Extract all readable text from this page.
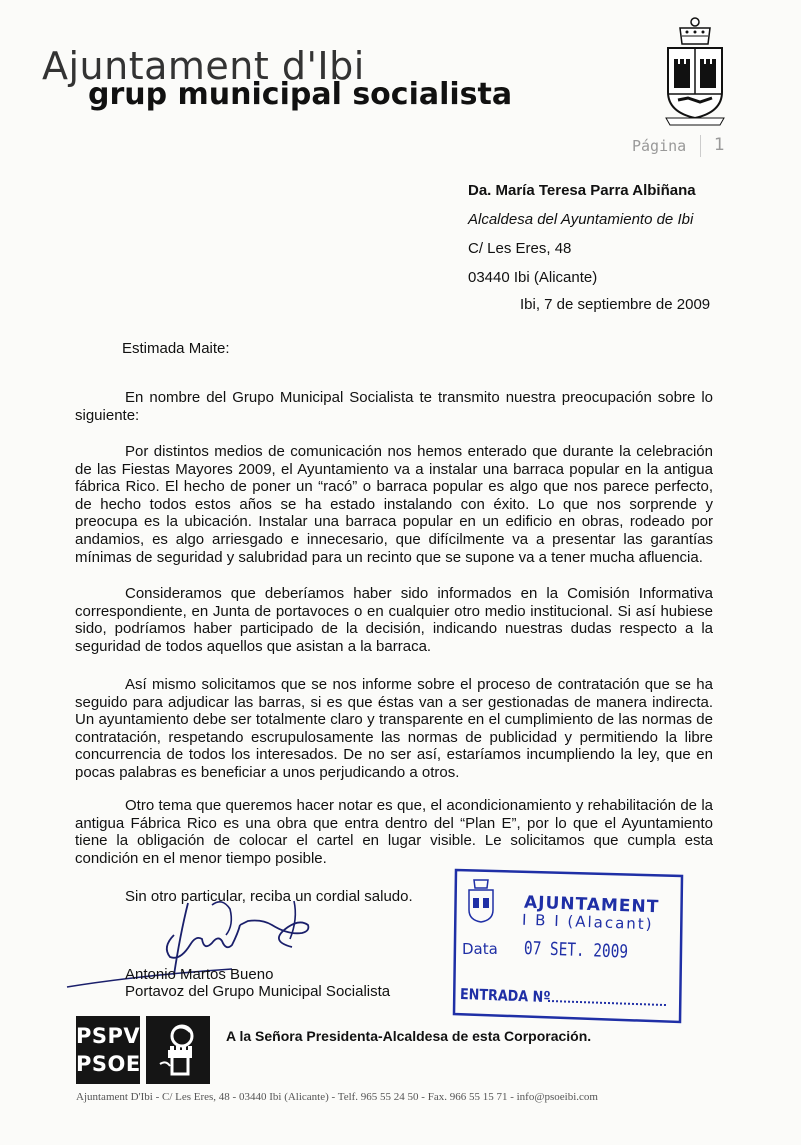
Ajuntament d'Ibi
grup municipal socialista
Página 1
Da. María Teresa Parra Albiñana
Alcaldesa del Ayuntamiento de Ibi
C/ Les Eres, 48
03440 Ibi (Alicante)
Ibi, 7 de septiembre de 2009
Estimada Maite:

En nombre del Grupo Municipal Socialista te transmito nuestra preocupación sobre lo siguiente:

Por distintos medios de comunicación nos hemos enterado que durante la celebración de las Fiestas Mayores 2009, el Ayuntamiento va a instalar una barraca popular en la antigua fábrica Rico. El hecho de poner un “racó” o barraca popular es algo que nos parece perfecto, de hecho todos estos años se ha estado instalando con éxito. Lo que nos sorprende y preocupa es la ubicación. Instalar una barraca popular en un edificio en obras, rodeado por andamios, es algo arriesgado e innecesario, que difícilmente va a presentar las garantías mínimas de seguridad y salubridad para un recinto que se supone va a tener mucha afluencia.

Consideramos que deberíamos haber sido informados en la Comisión Informativa correspondiente, en Junta de portavoces o en cualquier otro medio institucional. Si así hubiese sido, podríamos haber participado de la decisión, indicando nuestras dudas respecto a la seguridad de todos aquellos que asistan a la barraca.

Así mismo solicitamos que se nos informe sobre el proceso de contratación que se ha seguido para adjudicar las barras, si es que éstas van a ser gestionadas de manera indirecta. Un ayuntamiento debe ser totalmente claro y transparente en el cumplimiento de las normas de contratación, respetando escrupulosamente las normas de publicidad y permitiendo la libre concurrencia de todos los interesados. De no ser así, estaríamos incumpliendo la ley, que en pocas palabras es beneficiar a unos perjudicando a otros.

Otro tema que queremos hacer notar es que, el acondicionamiento y rehabilitación de la antigua Fábrica Rico es una obra que entra dentro del “Plan E”, por lo que el Ayuntamiento tiene la obligación de colocar el cartel en lugar visible. Le solicitamos que cumpla esta condición en el menor tiempo posible.

Sin otro particular, reciba un cordial saludo.
Antonio Martos Bueno
Portavoz del Grupo Municipal Socialista
AJUNTAMENT
I B I (Alacant)
Data 07 SET. 2009
ENTRADA Nº
PSPV
PSOE
A la Señora Presidenta-Alcaldesa de esta Corporación.
Ajuntament D'Ibi - C/ Les Eres, 48 - 03440 Ibi (Alicante) - Telf. 965 55 24 50 - Fax. 966 55 15 71 - info@psoeibi.com
